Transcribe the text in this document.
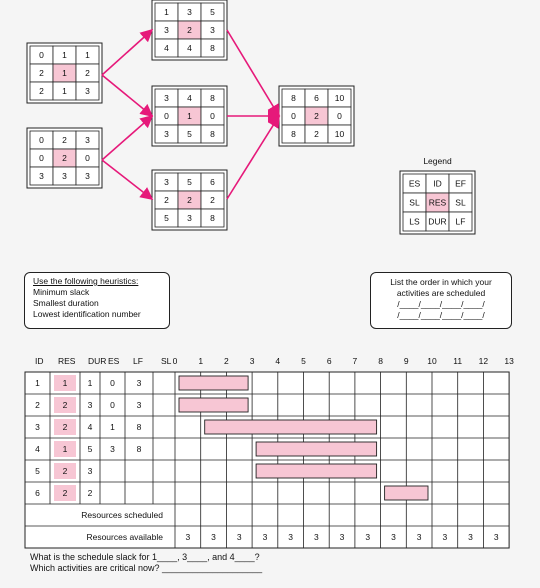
0 1 1
2 1 2
2 1 3
0 2 3
0 2 0
3 3 3
1 3 5
3 2 3
4 4 8
3 4 8
0 1 0
3 5 8
3 5 6
2 2 2
5 3 8
8 6 10
0 2 0
8 2 10
Legend
ES ID EF
SL RES SL
LS DUR LF
Use the following heuristics:
Minimum slack
Smallest duration
Lowest identification number
List the order in which your
activities are scheduled
/____/____/____/____/
/____/____/____/____/
ID RES DUR ES LF SL 0 1 2 3 4 5 6 7 8 9 10 11 12 13
1	1 1 0	3
2	2 3 0	3
3	2 4 1	8
4	1 5 3	8
5	2 3
6	2 2
Resources scheduled
Resources available	3 3 3 3 3 3 3 3 3 3 3 3 3
What is the schedule slack for 1____, 3____, and 4____?
Which activities are critical now? ____________________
